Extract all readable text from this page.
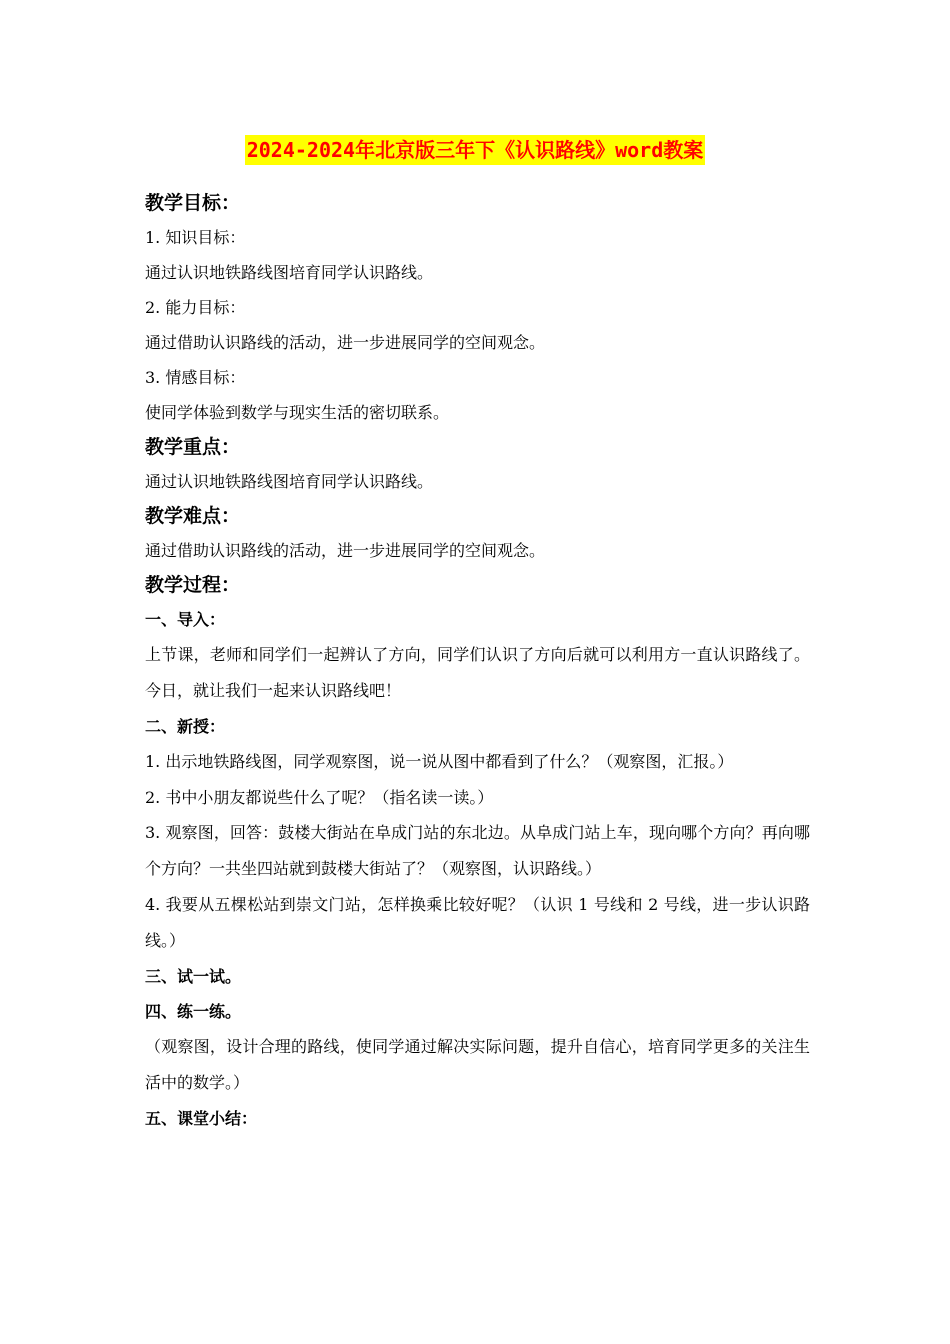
2024-2024年北京版三年下《认识路线》word教案

教学目标：

1. 知识目标：

通过认识地铁路线图培育同学认识路线。

2. 能力目标：

通过借助认识路线的活动，进一步进展同学的空间观念。

3. 情感目标：

使同学体验到数学与现实生活的密切联系。

教学重点：

通过认识地铁路线图培育同学认识路线。

教学难点：

通过借助认识路线的活动，进一步进展同学的空间观念。

教学过程：

一、导入：

上节课，老师和同学们一起辨认了方向，同学们认识了方向后就可以利用方一直认识路线了。今日，就让我们一起来认识路线吧！

二、新授：

1. 出示地铁路线图，同学观察图，说一说从图中都看到了什么？（观察图，汇报。）

2. 书中小朋友都说些什么了呢？（指名读一读。）

3. 观察图，回答：鼓楼大街站在阜成门站的东北边。从阜成门站上车，现向哪个方向？再向哪个方向？一共坐四站就到鼓楼大街站了？（观察图，认识路线。）

4. 我要从五棵松站到崇文门站，怎样换乘比较好呢？（认识 1 号线和 2 号线，进一步认识路线。）

三、试一试。

四、练一练。

（观察图，设计合理的路线，使同学通过解决实际问题，提升自信心，培育同学更多的关注生活中的数学。）

五、课堂小结：
